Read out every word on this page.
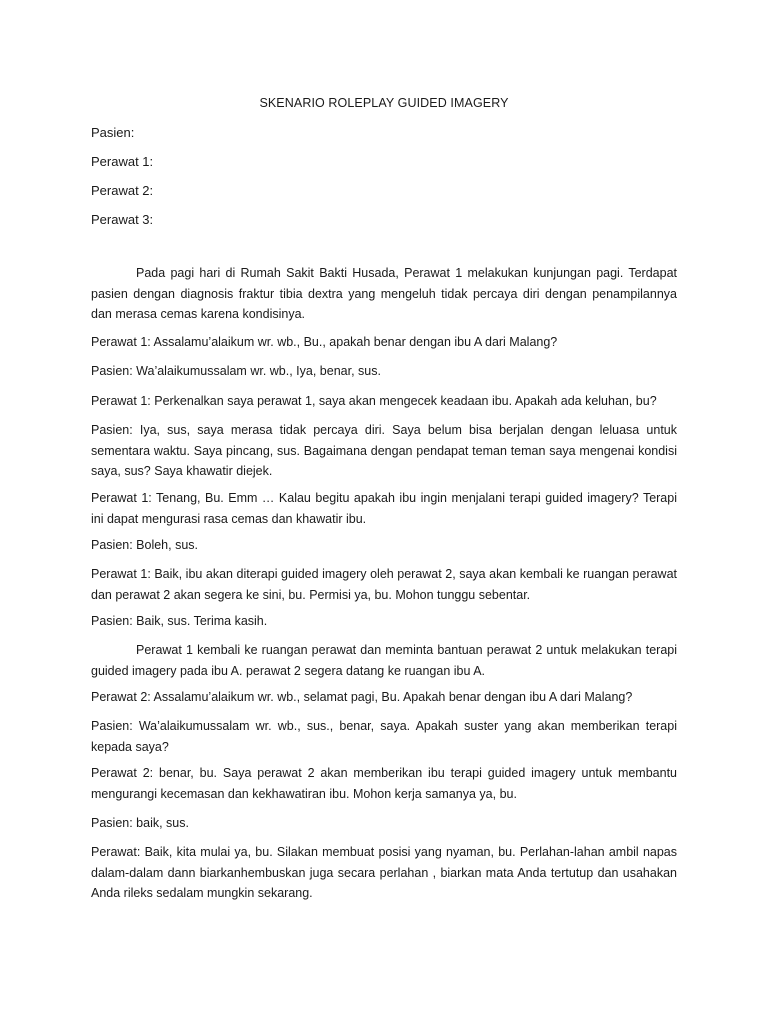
SKENARIO ROLEPLAY GUIDED IMAGERY
Pasien:
Perawat 1:
Perawat 2:
Perawat 3:

Pada pagi hari di Rumah Sakit Bakti Husada, Perawat 1 melakukan kunjungan pagi. Terdapat pasien dengan diagnosis fraktur tibia dextra yang mengeluh tidak percaya diri dengan penampilannya dan merasa cemas karena kondisinya.

Perawat 1: Assalamu’alaikum wr. wb., Bu., apakah benar dengan ibu A dari Malang?

Pasien: Wa’alaikumussalam wr. wb., Iya, benar, sus.

Perawat 1: Perkenalkan saya perawat 1, saya akan mengecek keadaan ibu. Apakah ada keluhan, bu?

Pasien: Iya, sus, saya merasa tidak percaya diri. Saya belum bisa berjalan dengan leluasa untuk sementara waktu. Saya pincang, sus. Bagaimana dengan pendapat teman teman saya mengenai kondisi saya, sus? Saya khawatir diejek.

Perawat 1: Tenang, Bu. Emm … Kalau begitu apakah ibu ingin menjalani terapi guided imagery? Terapi ini dapat mengurasi rasa cemas dan khawatir ibu.

Pasien: Boleh, sus.

Perawat 1: Baik, ibu akan diterapi guided imagery oleh perawat 2, saya akan kembali ke ruangan perawat dan perawat 2 akan segera ke sini, bu. Permisi ya, bu. Mohon tunggu sebentar.

Pasien: Baik, sus. Terima kasih.

Perawat 1 kembali ke ruangan perawat dan meminta bantuan perawat 2 untuk melakukan terapi guided imagery pada ibu A. perawat 2 segera datang ke ruangan ibu A.

Perawat 2: Assalamu’alaikum wr. wb., selamat pagi, Bu. Apakah benar dengan ibu A dari Malang?

Pasien: Wa’alaikumussalam wr. wb., sus., benar, saya. Apakah suster yang akan memberikan terapi kepada saya?

Perawat 2: benar, bu. Saya perawat 2 akan memberikan ibu terapi guided imagery untuk membantu mengurangi kecemasan dan kekhawatiran ibu. Mohon kerja samanya ya, bu.

Pasien: baik, sus.

Perawat: Baik, kita mulai ya, bu. Silakan membuat posisi yang nyaman, bu. Perlahan-lahan ambil napas dalam-dalam dann biarkanhembuskan juga secara perlahan , biarkan mata Anda tertutup dan usahakan Anda rileks sedalam mungkin sekarang.
